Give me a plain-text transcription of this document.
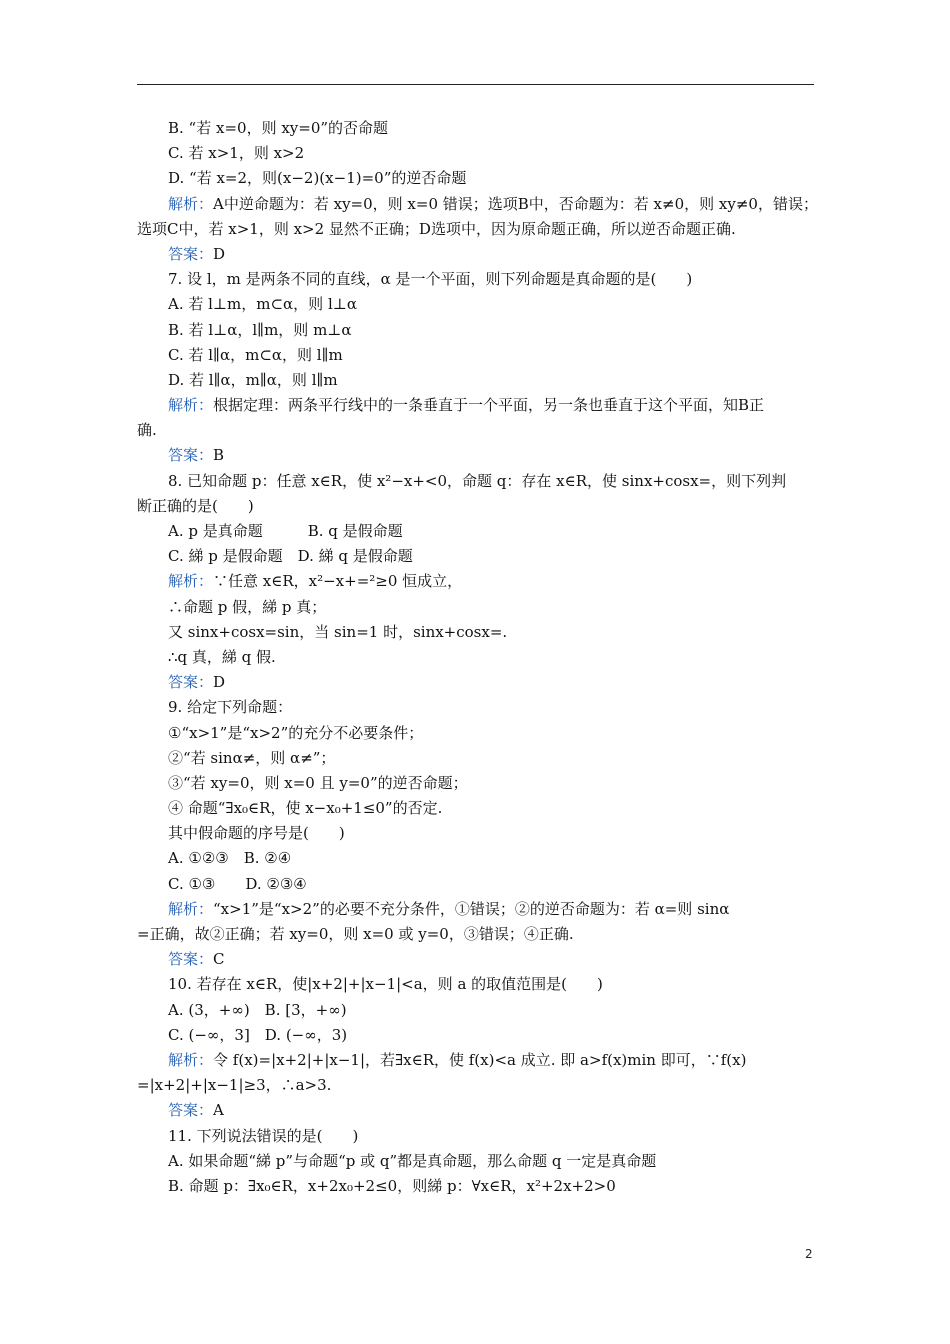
B. “若 x=0，则 xy=0”的否命题
C. 若 x>1，则 x>2
D. “若 x=2，则(x−2)(x−1)=0”的逆否命题
解析：A中逆命题为：若 xy=0，则 x=0 错误；选项B中，否命题为：若 x≠0，则 xy≠0，错误；
选项C中，若 x>1，则 x>2 显然不正确；D选项中，因为原命题正确，所以逆否命题正确.
答案：D
7. 设 l，m 是两条不同的直线，α 是一个平面，则下列命题是真命题的是(　　)
A. 若 l⊥m，m⊂α，则 l⊥α
B. 若 l⊥α，l∥m，则 m⊥α
C. 若 l∥α，m⊂α，则 l∥m
D. 若 l∥α，m∥α，则 l∥m
解析：根据定理：两条平行线中的一条垂直于一个平面，另一条也垂直于这个平面，知B正
确.
答案：B
8. 已知命题 p：任意 x∈R，使 x²−x+<0，命题 q：存在 x∈R，使 sinx+cosx=，则下列判
断正确的是(　　)
A. p 是真命题　　　B. q 是假命题
C. 綈 p 是假命题　D. 綈 q 是假命题
解析：∵任意 x∈R，x²−x+=²≥0 恒成立，
∴命题 p 假，綈 p 真；
又 sinx+cosx=sin，当 sin=1 时，sinx+cosx=.
∴q 真，綈 q 假.
答案：D
9. 给定下列命题：
①“x>1”是“x>2”的充分不必要条件；
②“若 sinα≠，则 α≠”；
③“若 xy=0，则 x=0 且 y=0”的逆否命题；
④ 命题“∃x₀∈R，使 x−x₀+1≤0”的否定.
其中假命题的序号是(　　)
A. ①②③　B. ②④
C. ①③　　D. ②③④
解析：“x>1”是“x>2”的必要不充分条件，①错误；②的逆否命题为：若 α=则 sinα
=正确，故②正确；若 xy=0，则 x=0 或 y=0，③错误；④正确.
答案：C
10. 若存在 x∈R，使|x+2|+|x−1|<a，则 a 的取值范围是(　　)
A. (3，+∞)　B. [3，+∞)
C. (−∞，3]　D. (−∞，3)
解析：令 f(x)=|x+2|+|x−1|，若∃x∈R，使 f(x)<a 成立. 即 a>f(x)min 即可，∵f(x)
=|x+2|+|x−1|≥3，∴a>3.
答案：A
11. 下列说法错误的是(　　)
A. 如果命题“綈 p”与命题“p 或 q”都是真命题，那么命题 q 一定是真命题
B. 命题 p：∃x₀∈R，x+2x₀+2≤0，则綈 p：∀x∈R，x²+2x+2>0
2
